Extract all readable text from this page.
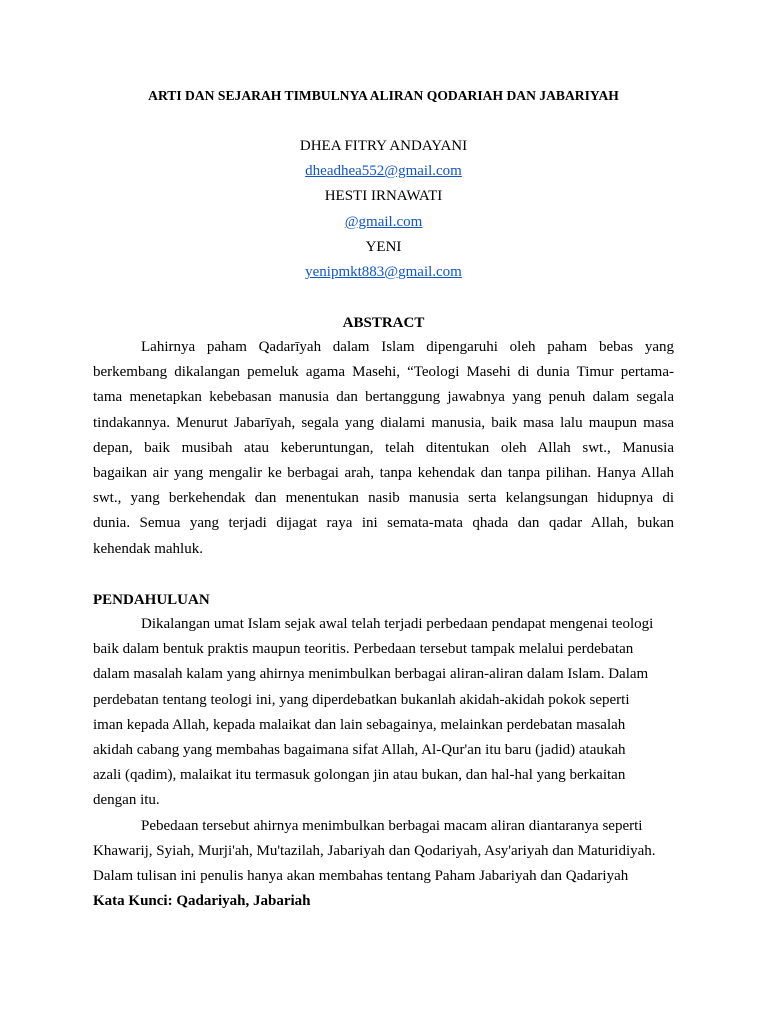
ARTI DAN SEJARAH TIMBULNYA ALIRAN QODARIAH DAN JABARIYAH
DHEA FITRY ANDAYANI
dheadhea552@gmail.com
HESTI IRNAWATI
@gmail.com
YENI
yenipmkt883@gmail.com
ABSTRACT
Lahirnya paham Qadarīyah dalam Islam dipengaruhi oleh paham bebas yang
berkembang dikalangan pemeluk agama Masehi, “Teologi Masehi di dunia Timur pertama-
tama menetapkan kebebasan manusia dan bertanggung jawabnya yang penuh dalam segala
tindakannya. Menurut Jabarīyah, segala yang dialami manusia, baik masa lalu maupun masa
depan, baik musibah atau keberuntungan, telah ditentukan oleh Allah swt., Manusia
bagaikan air yang mengalir ke berbagai arah, tanpa kehendak dan tanpa pilihan. Hanya Allah
swt., yang berkehendak dan menentukan nasib manusia serta kelangsungan hidupnya di
dunia. Semua yang terjadi dijagat raya ini semata-mata qhada dan qadar Allah, bukan
kehendak mahluk.
PENDAHULUAN
Dikalangan umat Islam sejak awal telah terjadi perbedaan pendapat mengenai teologi
baik dalam bentuk praktis maupun teoritis. Perbedaan tersebut tampak melalui perdebatan
dalam masalah kalam yang ahirnya menimbulkan berbagai aliran-aliran dalam Islam. Dalam
perdebatan tentang teologi ini, yang diperdebatkan bukanlah akidah-akidah pokok seperti
iman kepada Allah, kepada malaikat dan lain sebagainya, melainkan perdebatan masalah
akidah cabang yang membahas bagaimana sifat Allah, Al-Qur'an itu baru (jadid) ataukah
azali (qadim), malaikat itu termasuk golongan jin atau bukan, dan hal-hal yang berkaitan
dengan itu.
Pebedaan tersebut ahirnya menimbulkan berbagai macam aliran diantaranya seperti
Khawarij, Syiah, Murji'ah, Mu'tazilah, Jabariyah dan Qodariyah, Asy'ariyah dan Maturidiyah.
Dalam tulisan ini penulis hanya akan membahas tentang Paham Jabariyah dan Qadariyah
Kata Kunci: Qadariyah, Jabariah
